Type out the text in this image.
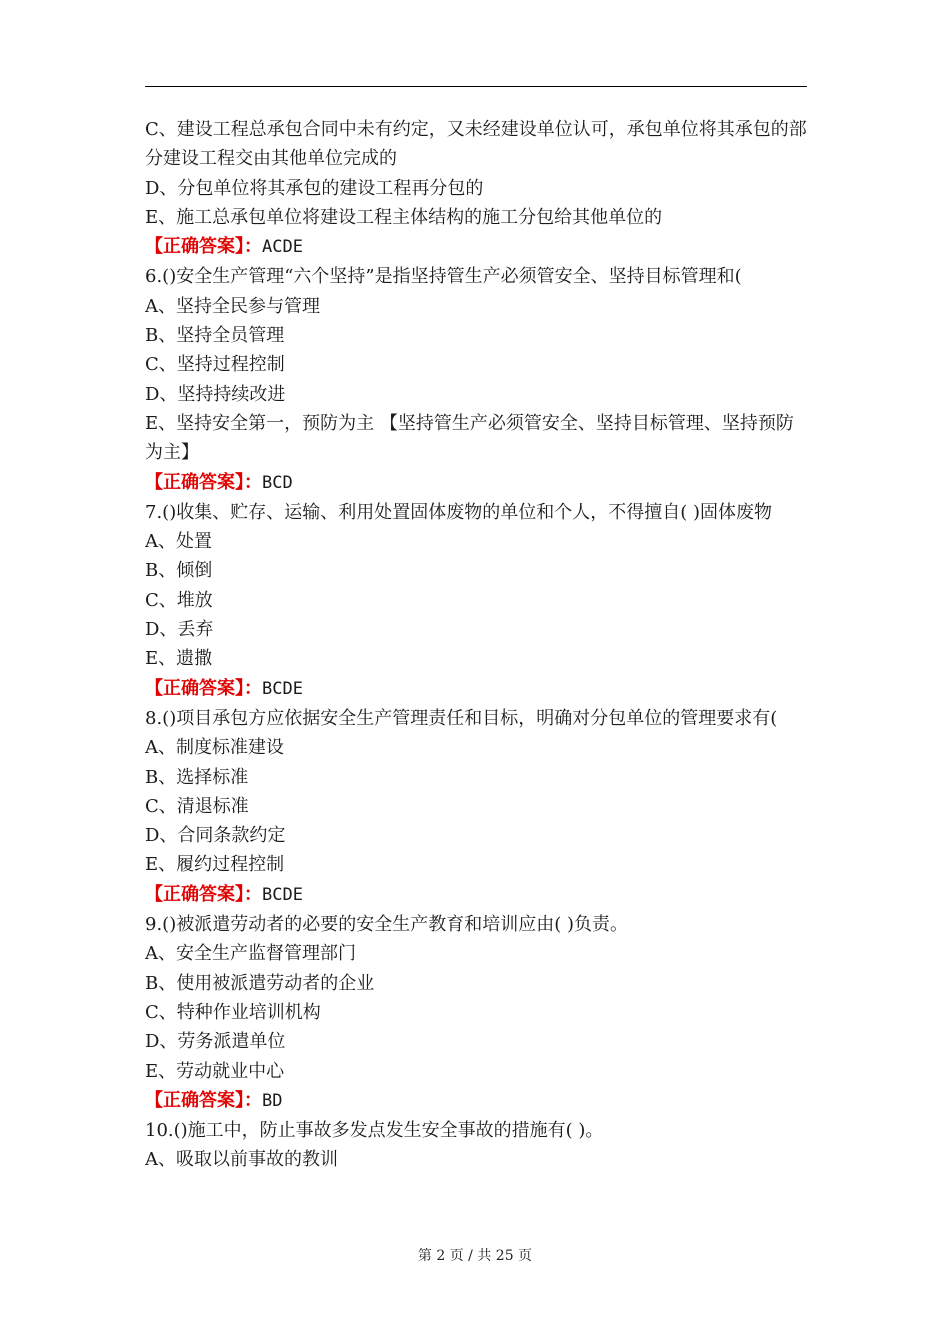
C、建设工程总承包合同中未有约定，又未经建设单位认可，承包单位将其承包的部分建设工程交由其他单位完成的
D、分包单位将其承包的建设工程再分包的
E、施工总承包单位将建设工程主体结构的施工分包给其他单位的
【正确答案】：ACDE
6.()安全生产管理“六个坚持”是指坚持管生产必须管安全、坚持目标管理和(
A、坚持全民参与管理
B、坚持全员管理
C、坚持过程控制
D、坚持持续改进
E、坚持安全第一，预防为主 【坚持管生产必须管安全、坚持目标管理、坚持预防为主】
【正确答案】：BCD
7.()收集、贮存、运输、利用处置固体废物的单位和个人，不得擅自( )固体废物
A、处置
B、倾倒
C、堆放
D、丢弃
E、遗撒
【正确答案】：BCDE
8.()项目承包方应依据安全生产管理责任和目标，明确对分包单位的管理要求有(
A、制度标准建设
B、选择标准
C、清退标准
D、合同条款约定
E、履约过程控制
【正确答案】：BCDE
9.()被派遣劳动者的必要的安全生产教育和培训应由( )负责。
A、安全生产监督管理部门
B、使用被派遣劳动者的企业
C、特种作业培训机构
D、劳务派遣单位
E、劳动就业中心
【正确答案】：BD
10.()施工中，防止事故多发点发生安全事故的措施有( )。
A、吸取以前事故的教训
第 2 页 / 共 25 页
